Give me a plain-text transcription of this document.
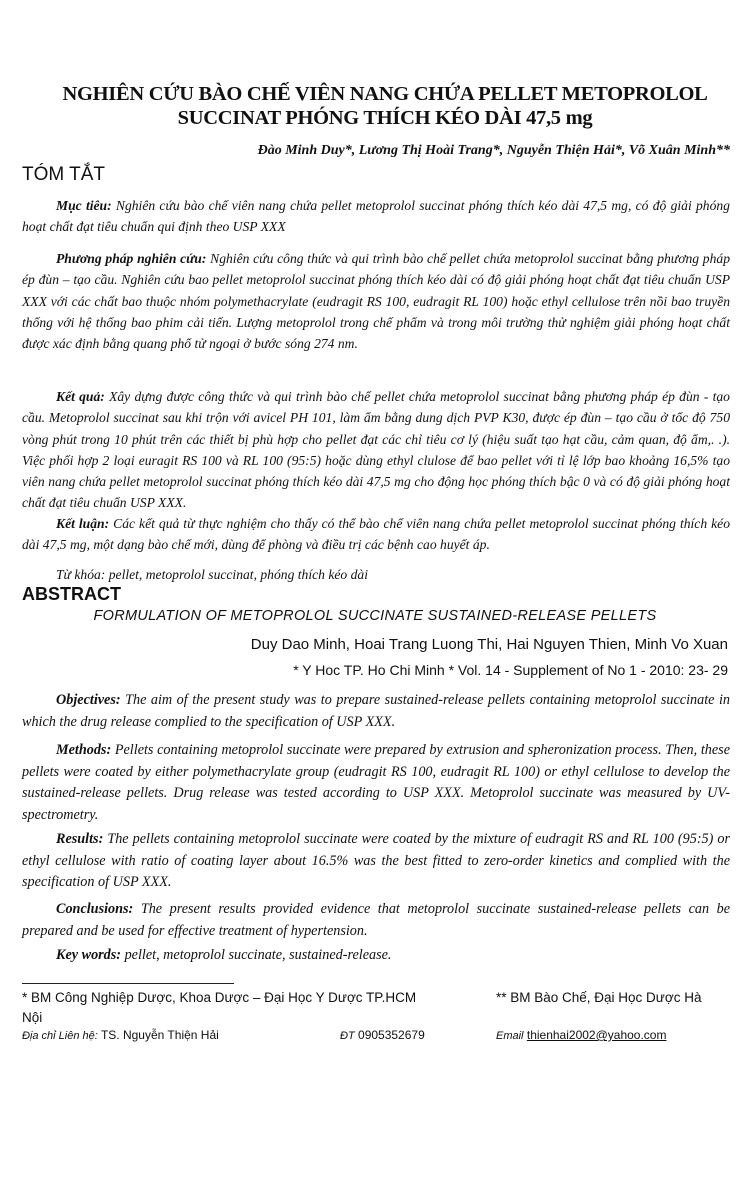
NGHIÊN CỨU BÀO CHẾ VIÊN NANG CHỨA PELLET METOPROLOL
SUCCINAT PHÓNG THÍCH KÉO DÀI 47,5 mg
Đào Minh Duy*, Lương Thị Hoài Trang*, Nguyễn Thiện Hải*, Võ Xuân Minh**
TÓM TẮT
Mục tiêu: Nghiên cứu bào chế viên nang chứa pellet metoprolol succinat phóng thích kéo dài 47,5 mg, có độ giải phóng hoạt chất đạt tiêu chuẩn qui định theo USP XXX
Phương pháp nghiên cứu: Nghiên cứu công thức và qui trình bào chế pellet chứa metoprolol succinat bằng phương pháp ép đùn – tạo cầu. Nghiên cứu bao pellet metoprolol succinat phóng thích kéo dài có độ giải phóng hoạt chất đạt tiêu chuẩn USP XXX với các chất bao thuộc nhóm polymethacrylate (eudragit RS 100, eudragit RL 100) hoặc ethyl cellulose trên nồi bao truyền thống với hệ thống bao phim cải tiến. Lượng metoprolol trong chế phẩm và trong môi trường thử nghiệm giải phóng hoạt chất được xác định bằng quang phổ tử ngoại ở bước sóng 274 nm.
Kết quả: Xây dựng được công thức và qui trình bào chế pellet chứa metoprolol succinat bằng phương pháp ép đùn - tạo cầu. Metoprolol succinat sau khi trộn với avicel PH 101, làm ẩm bằng dung dịch PVP K30, được ép đùn – tạo cầu ở tốc độ 750 vòng phút trong 10 phút trên các thiết bị phù hợp cho pellet đạt các chỉ tiêu cơ lý (hiệu suất tạo hạt cầu, cảm quan, độ ẩm,. .). Việc phối hợp 2 loại euragit RS 100 và RL 100 (95:5) hoặc dùng ethyl clulose để bao pellet với tỉ lệ lớp bao khoảng 16,5% tạo viên nang chứa pellet metoprolol succinat phóng thích kéo dài 47,5 mg cho động học phóng thích bậc 0 và có độ giải phóng hoạt chất đạt tiêu chuẩn USP XXX.
Kết luận: Các kết quả từ thực nghiệm cho thấy có thể bào chế viên nang chứa pellet metoprolol succinat phóng thích kéo dài 47,5 mg, một dạng bào chế mới, dùng để phòng và điều trị các bệnh cao huyết áp.
Từ khóa: pellet, metoprolol succinat, phóng thích kéo dài
ABSTRACT
FORMULATION OF METOPROLOL SUCCINATE SUSTAINED-RELEASE PELLETS
Duy Dao Minh, Hoai Trang Luong Thi, Hai Nguyen Thien, Minh Vo Xuan
* Y Hoc TP. Ho Chi Minh * Vol. 14 - Supplement of No 1 - 2010: 23- 29
Objectives: The aim of the present study was to prepare sustained-release pellets containing metoprolol succinate in which the drug release complied to the specification of USP XXX.
Methods: Pellets containing metoprolol succinate were prepared by extrusion and spheronization process. Then, these pellets were coated by either polymethacrylate group (eudragit RS 100, eudragit RL 100) or ethyl cellulose to develop the sustained-release pellets. Drug release was tested according to USP XXX. Metoprolol succinate was measured by UV- spectrometry.
Results: The pellets containing metoprolol succinate were coated by the mixture of eudragit RS and RL 100 (95:5) or ethyl cellulose with ratio of coating layer about 16.5% was the best fitted to zero-order kinetics and complied with the specification of USP XXX.
Conclusions: The present results provided evidence that metoprolol succinate sustained-release pellets can be prepared and be used for effective treatment of hypertension.
Key words: pellet, metoprolol succinate, sustained-release.
* BM Công Nghiệp Dược, Khoa Dược – Đại Học Y Dược TP.HCM	** BM Bào Chế, Đại Học Dược Hà
Nội
Địa chỉ Liên hệ: TS. Nguyễn Thiện Hải	ĐT 0905352679	Email thienhai2002@yahoo.com
